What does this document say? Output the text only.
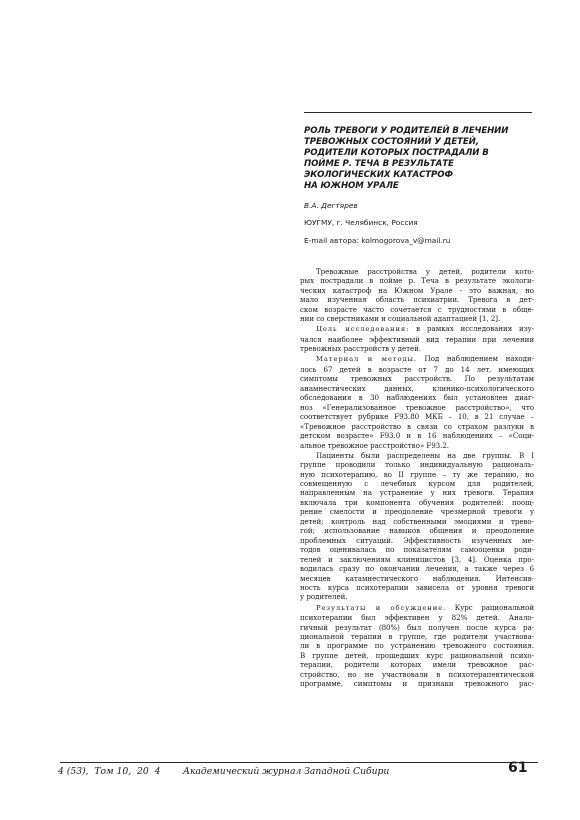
РОЛЬ ТРЕВОГИ У РОДИТЕЛЕЙ В ЛЕЧЕНИИ
ТРЕВОЖНЫХ СОСТОЯНИЙ У ДЕТЕЙ,
РОДИТЕЛИ КОТОРЫХ ПОСТРАДАЛИ В
ПОЙМЕ Р. ТЕЧА В РЕЗУЛЬТАТЕ
ЭКОЛОГИЧЕСКИХ КАТАСТРОФ
НА ЮЖНОМ УРАЛЕ
В.А. Дегтярев
ЮУГМУ, г. Челябинск, Россия
E-mail автора: kolmogorova_v@mail.ru

Тревожные расстройства у детей, родители кото-
рых пострадали в пойме р. Теча в результате экологи-
ческих катастроф на Южном Урале - это важная, но
мало изученная область психиатрии. Тревога в дет-
ском возрасте часто сочетается с трудностями в обще-
нии со сверстниками и социальной адаптацией [1, 2].

Цель исследования: в рамках исследования изу-
чался наиболее эффективный вид терапии при лечении
тревожных расстройств у детей.

Материал и методы. Под наблюдением находи-
лось 67 детей в возрасте от 7 до 14 лет, имеющих
симптомы тревожных расстройств. По результатам
анамнестических данных, клинико-психологического
обследования в 30 наблюдениях был установлен диаг-
ноз «Генерализованное тревожное расстройство», что
соответствует рубрике F93.80 МКБ – 10, в 21 случае –
«Тревожное расстройство в связи со страхом разлуки в
детском возрасте» F93.0 и в 16 наблюдениях – «Соци-
альное тревожное расстройство» F93.2.

Пациенты были распределены на две группы. В I
группе проводили только индивидуальную рациональ-
ную психотерапию, во II группе – ту же терапию, но
совмещенную с лечебных курсом для родителей,
направленным на устранение у них тревоги. Терапия
включала три компонента обучения родителей: поощ-
рение смелости и преодоление чрезмерной тревоги у
детей; контроль над собственными эмоциями и трево-
гой; использование навыков общения и преодоление
проблемных ситуаций. Эффективность изученных ме-
тодов оценивалась по показателям самооценки роди-
телей и заключениям клиницистов [3, 4]. Оценка про-
водилась сразу по окончании лечения, а также через 6
месяцев катамнестического наблюдения. Интенсив-
ность курса психотерапии зависела от уровня тревоги
у родителей.

Результаты и обсуждение. Курс рациональной
психотерапии был эффективен у 82% детей. Анало-
гичный результат (80%) был получен после курса ра-
циональной терапии в группе, где родители участвова-
ли в программе по устранению тревожного состояния.
В группе детей, прошедших курс рациональной психо-
терапии, родители которых имели тревожное рас-
стройство, но не участвовали в психотерапевтической
программе, симптомы и признаки тревожного рас-

4 (53),  Том 10,  20  4 Академический журнал Западной Сибири	61
